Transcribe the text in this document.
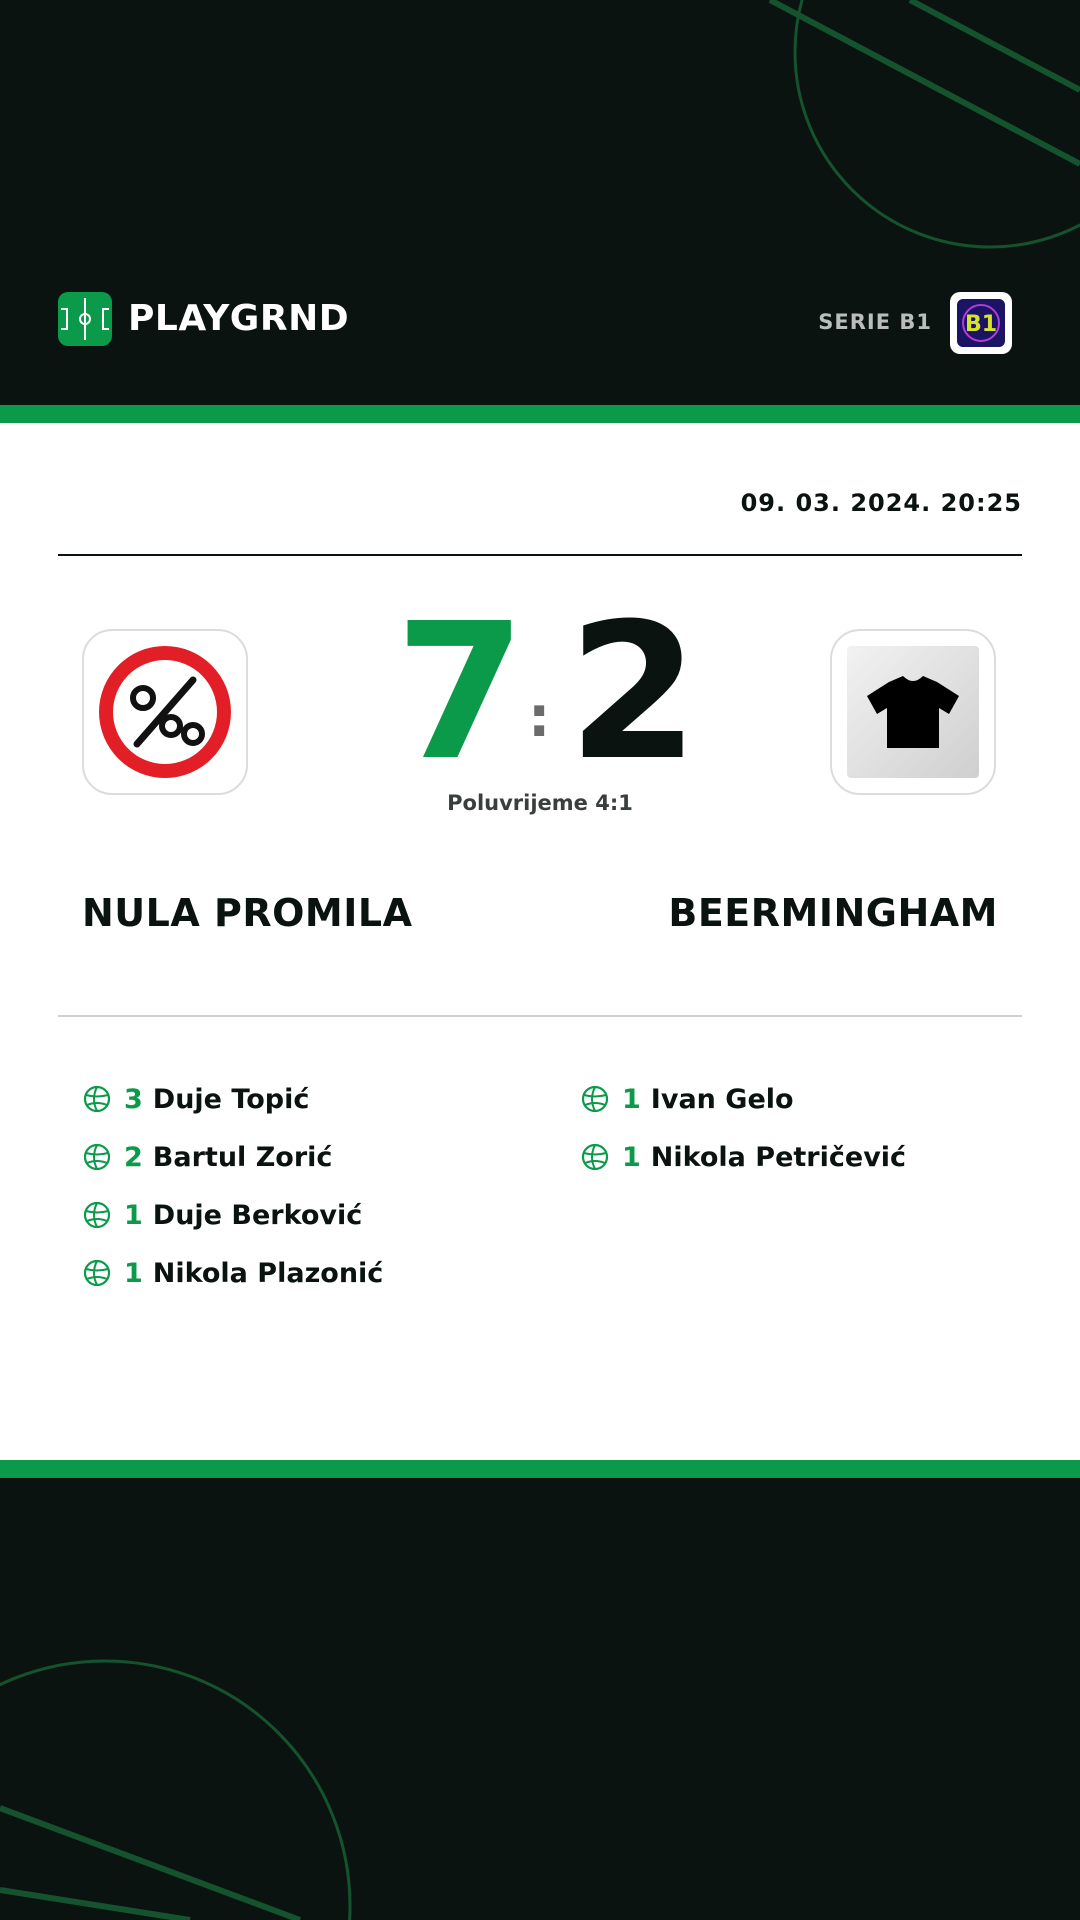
PLAYGRND	SERIE B1 B1
09. 03. 2024. 20:25
7 : 2
Poluvrijeme 4:1
NULA PROMILA	BEERMINGHAM
3 Duje Topić
2 Bartul Zorić
1 Duje Berković
1 Nikola Plazonić
1 Ivan Gelo
1 Nikola Petričević
